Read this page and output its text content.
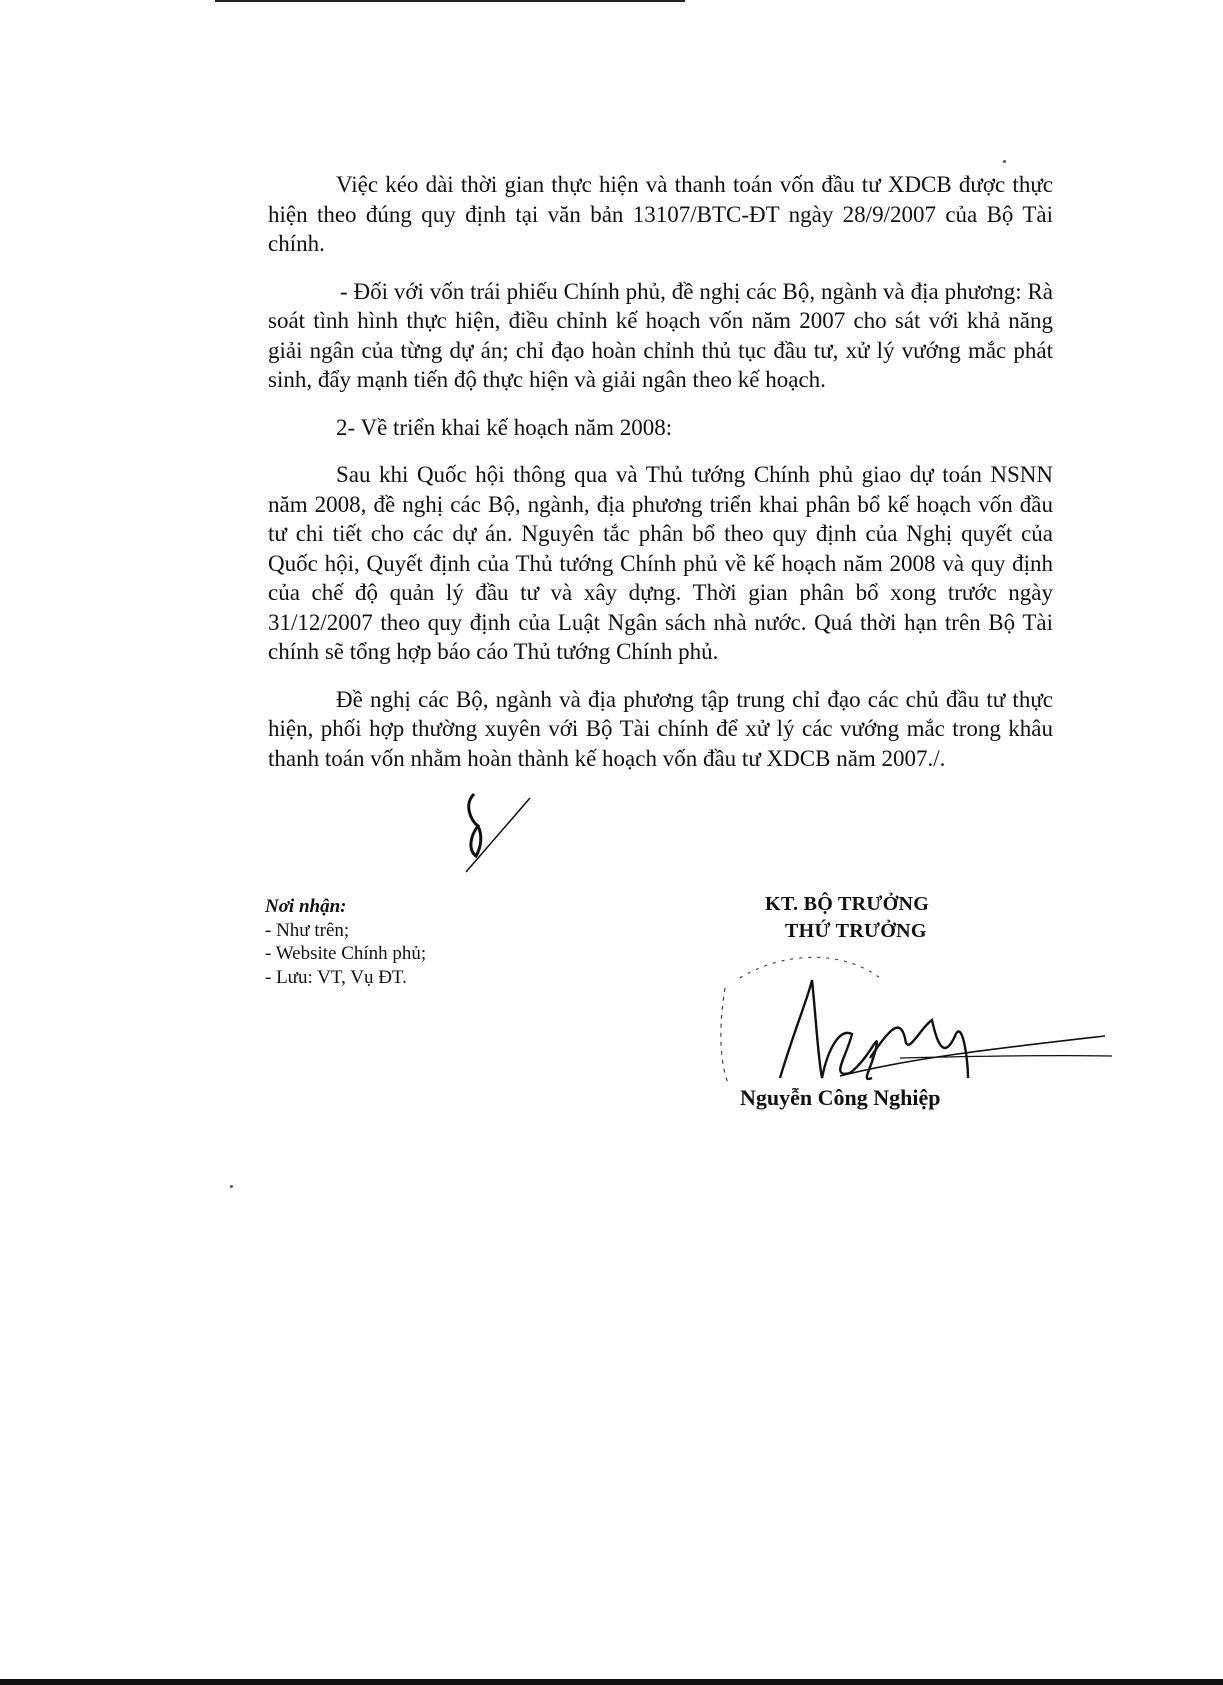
Việc kéo dài thời gian thực hiện và thanh toán vốn đầu tư XDCB được thực hiện theo đúng quy định tại văn bản 13107/BTC-ĐT ngày 28/9/2007 của Bộ Tài chính.

- Đối với vốn trái phiếu Chính phủ, đề nghị các Bộ, ngành và địa phương: Rà soát tình hình thực hiện, điều chỉnh kế hoạch vốn năm 2007 cho sát với khả năng giải ngân của từng dự án; chỉ đạo hoàn chỉnh thủ tục đầu tư, xử lý vướng mắc phát sinh, đẩy mạnh tiến độ thực hiện và giải ngân theo kế hoạch.

2- Về triển khai kế hoạch năm 2008:

Sau khi Quốc hội thông qua và Thủ tướng Chính phủ giao dự toán NSNN năm 2008, đề nghị các Bộ, ngành, địa phương triển khai phân bổ kế hoạch vốn đầu tư chi tiết cho các dự án. Nguyên tắc phân bổ theo quy định của Nghị quyết của Quốc hội, Quyết định của Thủ tướng Chính phủ về kế hoạch năm 2008 và quy định của chế độ quản lý đầu tư và xây dựng. Thời gian phân bổ xong trước ngày 31/12/2007 theo quy định của Luật Ngân sách nhà nước. Quá thời hạn trên Bộ Tài chính sẽ tổng hợp báo cáo Thủ tướng Chính phủ.

Đề nghị các Bộ, ngành và địa phương tập trung chỉ đạo các chủ đầu tư thực hiện, phối hợp thường xuyên với Bộ Tài chính để xử lý các vướng mắc trong khâu thanh toán vốn nhằm hoàn thành kế hoạch vốn đầu tư XDCB năm 2007./.

Nơi nhận:
- Như trên;
- Website Chính phủ;
- Lưu: VT, Vụ ĐT.
KT. BỘ TRƯỞNG
THỨ TRƯỞNG
Nguyễn Công Nghiệp
